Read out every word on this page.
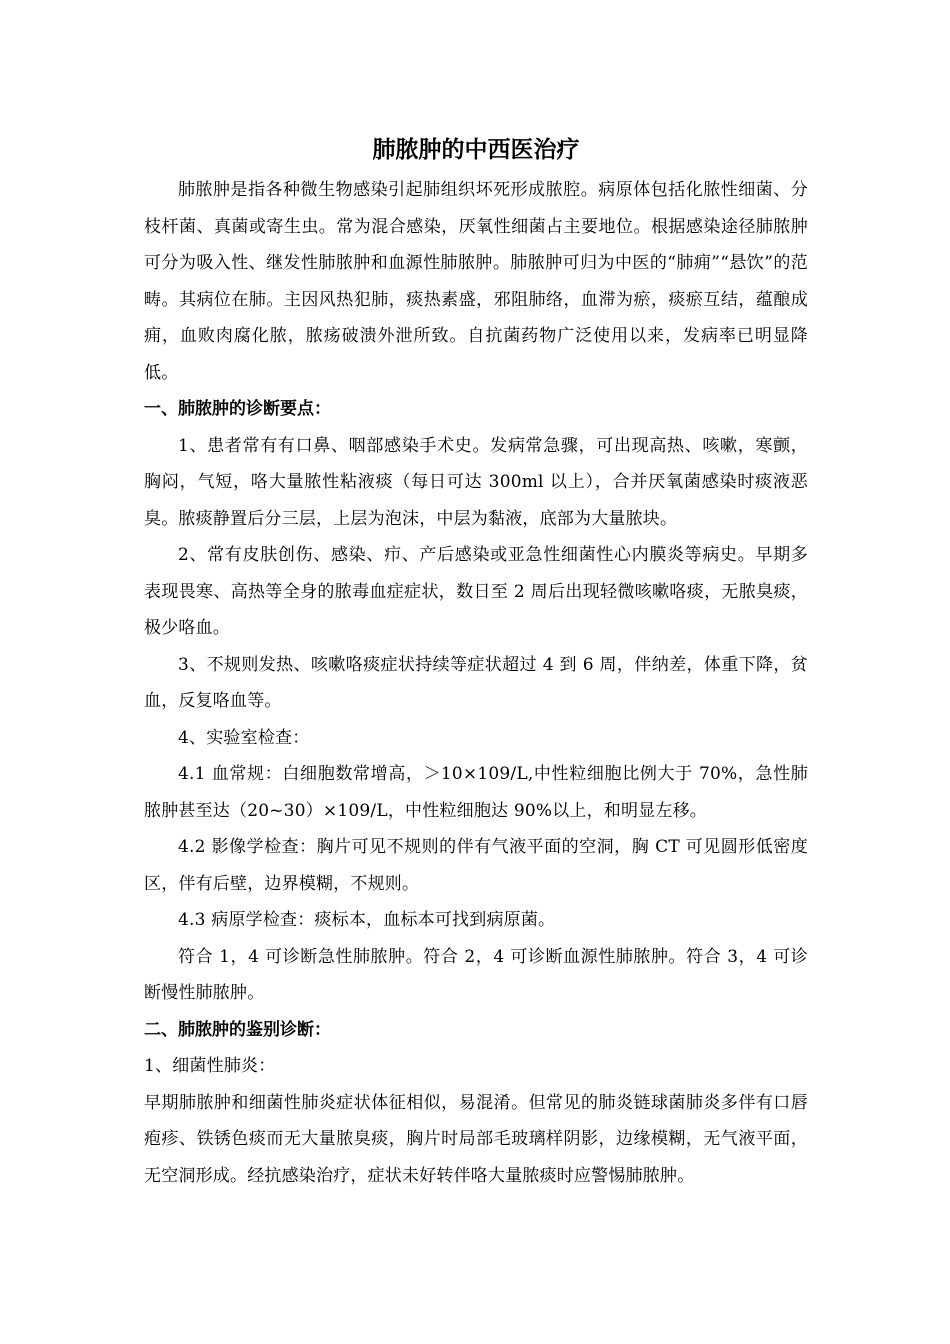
肺脓肿的中西医治疗

肺脓肿是指各种微生物感染引起肺组织坏死形成脓腔。病原体包括化脓性细菌、分枝杆菌、真菌或寄生虫。常为混合感染，厌氧性细菌占主要地位。根据感染途径肺脓肿可分为吸入性、继发性肺脓肿和血源性肺脓肿。肺脓肿可归为中医的“肺痈”“悬饮”的范畴。其病位在肺。主因风热犯肺，痰热素盛，邪阻肺络，血滞为瘀，痰瘀互结，蕴酿成痈，血败肉腐化脓，脓疡破溃外泄所致。自抗菌药物广泛使用以来，发病率已明显降低。

一、肺脓肿的诊断要点：

1、患者常有有口鼻、咽部感染手术史。发病常急骤，可出现高热、咳嗽，寒颤，胸闷，气短，咯大量脓性粘液痰（每日可达 300ml 以上），合并厌氧菌感染时痰液恶臭。脓痰静置后分三层，上层为泡沫，中层为黏液，底部为大量脓块。

2、常有皮肤创伤、感染、疖、产后感染或亚急性细菌性心内膜炎等病史。早期多表现畏寒、高热等全身的脓毒血症症状，数日至 2 周后出现轻微咳嗽咯痰，无脓臭痰，极少咯血。

3、不规则发热、咳嗽咯痰症状持续等症状超过 4 到 6 周，伴纳差，体重下降，贫血，反复咯血等。

4、实验室检查：

4.1 血常规：白细胞数常增高，＞10×109/L,中性粒细胞比例大于 70%，急性肺脓肿甚至达（20~30）×109/L，中性粒细胞达 90%以上，和明显左移。

4.2 影像学检查：胸片可见不规则的伴有气液平面的空洞，胸 CT 可见圆形低密度区，伴有后壁，边界模糊，不规则。

4.3 病原学检查：痰标本，血标本可找到病原菌。

符合 1，4 可诊断急性肺脓肿。符合 2，4 可诊断血源性肺脓肿。符合 3，4 可诊断慢性肺脓肿。

二、肺脓肿的鉴别诊断：

1、细菌性肺炎：

早期肺脓肿和细菌性肺炎症状体征相似，易混淆。但常见的肺炎链球菌肺炎多伴有口唇疱疹、铁锈色痰而无大量脓臭痰，胸片时局部毛玻璃样阴影，边缘模糊，无气液平面，无空洞形成。经抗感染治疗，症状未好转伴咯大量脓痰时应警惕肺脓肿。
